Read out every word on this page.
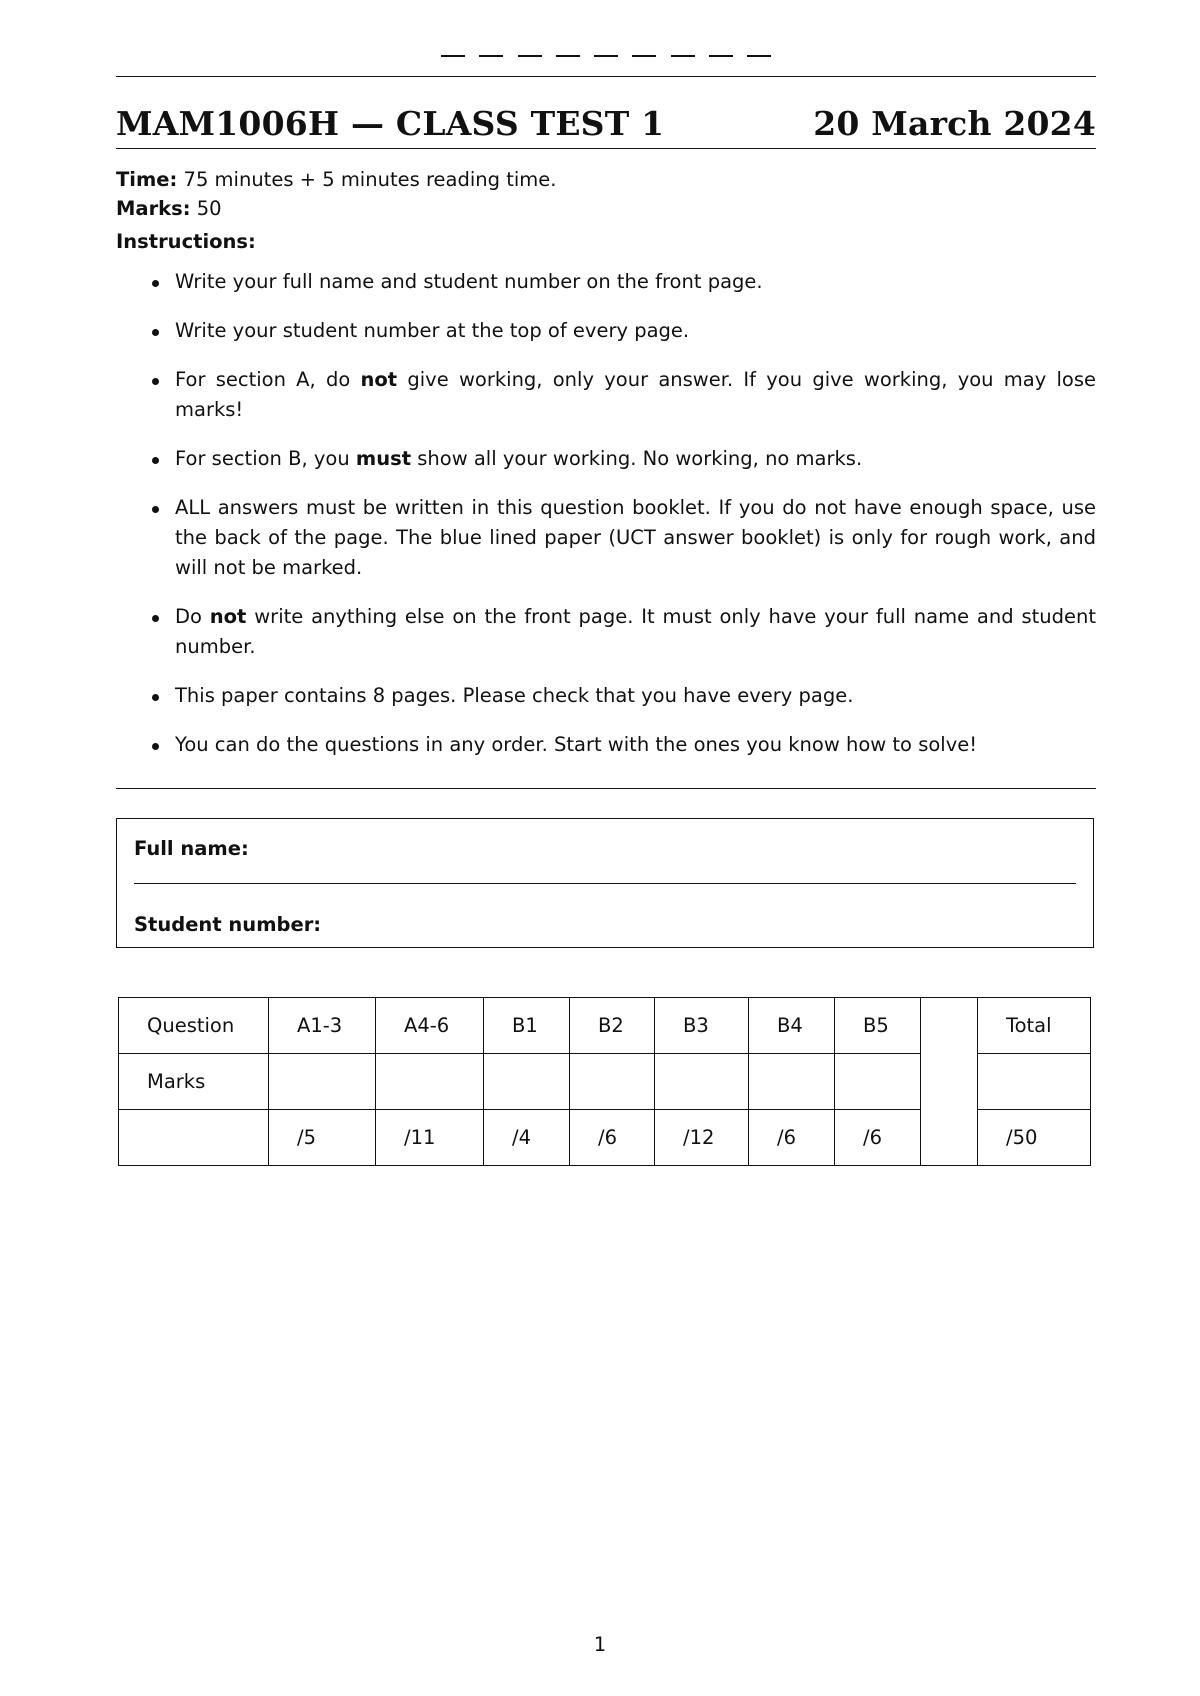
MAM1006H — CLASS TEST 1	20 March 2024
Time: 75 minutes + 5 minutes reading time.
Marks: 50
Instructions:
Write your full name and student number on the front page.
Write your student number at the top of every page.
For section A, do not give working, only your answer. If you give working, you may lose marks!
For section B, you must show all your working. No working, no marks.
ALL answers must be written in this question booklet. If you do not have enough space, use the back of the page. The blue lined paper (UCT answer booklet) is only for rough work, and will not be marked.
Do not write anything else on the front page. It must only have your full name and student number.
This paper contains 8 pages. Please check that you have every page.
You can do the questions in any order. Start with the ones you know how to solve!
Full name:
Student number:
Question	A1-3	A4-6	B1	B2	B3	B4	B5		Total
Marks									
	/5	/11	/4	/6	/12	/6	/6		/50
1
